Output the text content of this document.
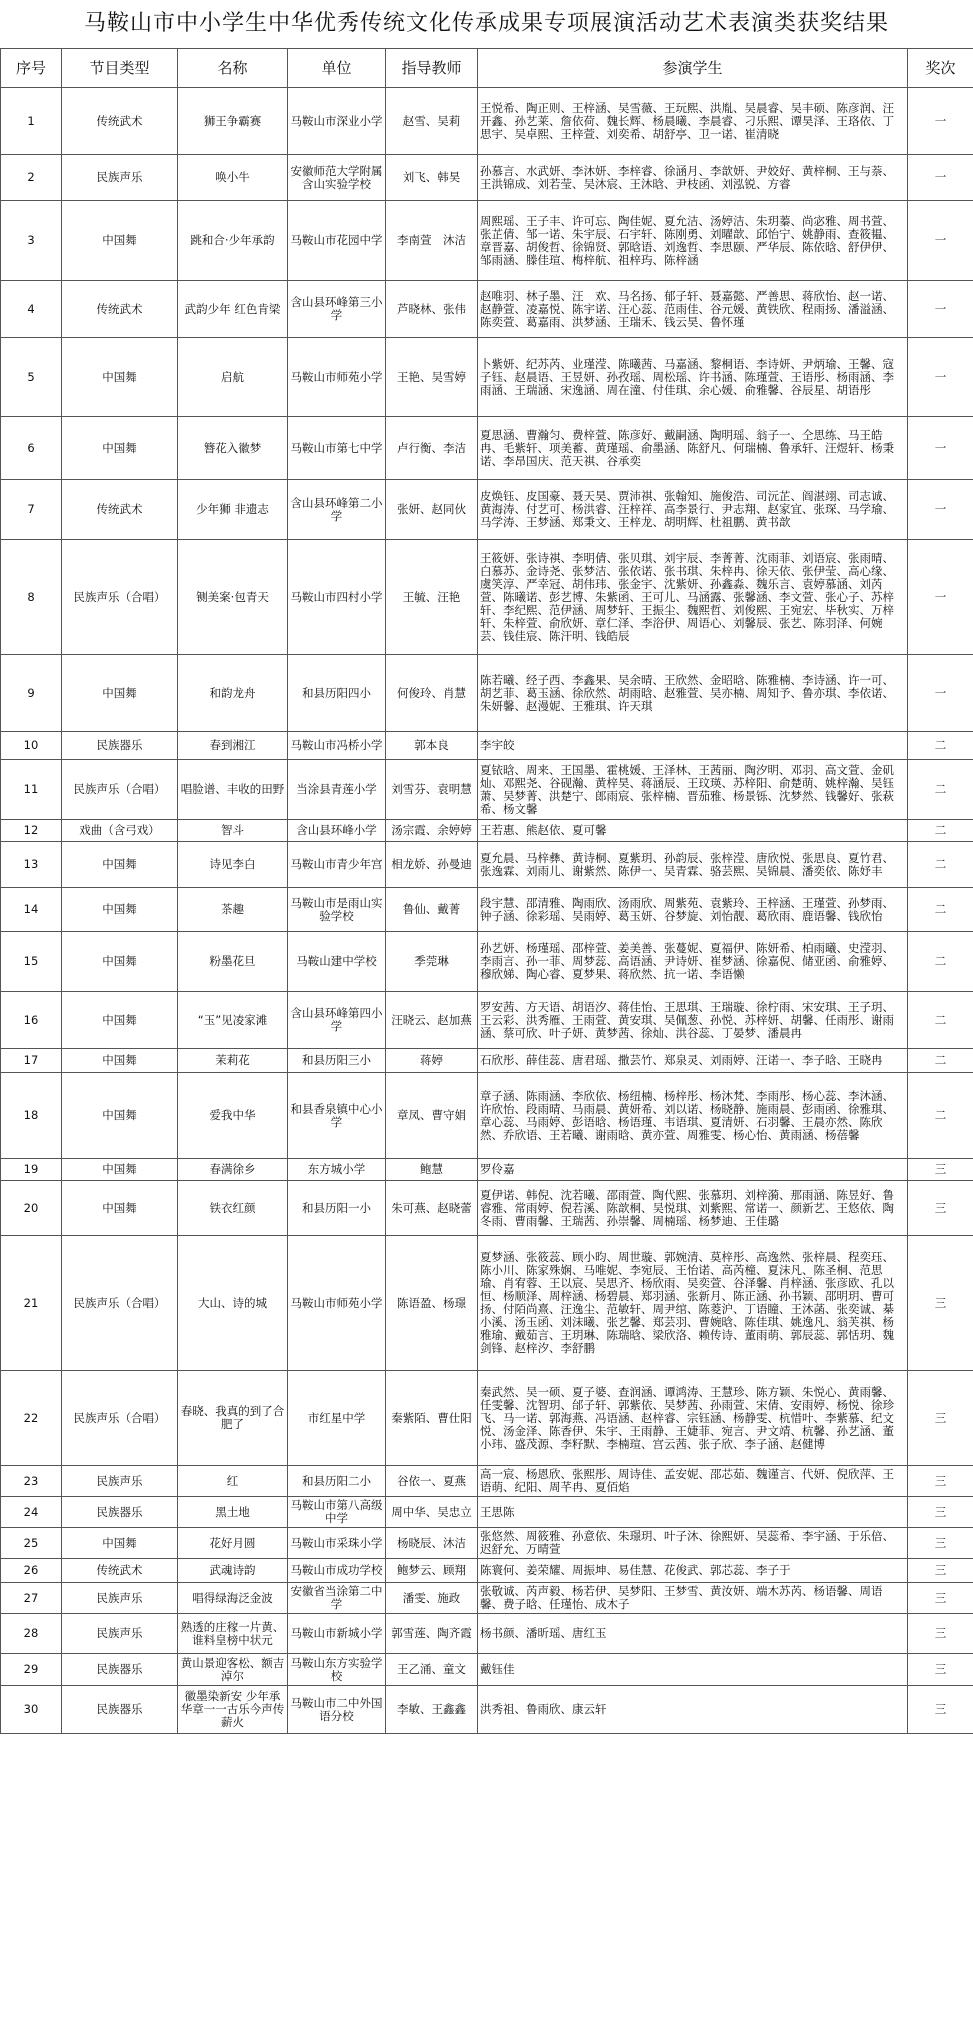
马鞍山市中小学生中华优秀传统文化传承成果专项展演活动艺术表演类获奖结果
序号	节目类型	名称	单位	指导教师	参演学生	奖次
1	传统武术	狮王争霸赛	马鞍山市深业小学	赵雪、吴莉	王悦希、陶正则、王梓涵、吴雪薇、王玩熙、洪胤、吴晨睿、吴丰硕、陈彦润、汪开鑫、孙艺莱、詹依荷、魏长辉、杨晨曦、李晨睿、刁乐熙、谭昊泽、王珞依、丁思宇、吴卓熙、王梓萱、刘奕希、胡舒亭、卫一诺、崔清晓	一
2	民族声乐	唤小牛	安徽师范大学附属含山实验学校	刘飞、韩昊	孙慕言、水武妍、李沐妍、李梓睿、徐涵月、李歆妍、尹姣好、黄梓桐、王与萘、王洪锦成、刘若莹、吴沐宸、王沐晗、尹枝函、刘泓锐、方睿	一
3	中国舞	跳和合·少年承韵	马鞍山市花园中学	李南萱　沐洁	周熙瑶、王子丰、许可忘、陶佳妮、夏允洁、汤婷洁、朱玥蓁、尚宓雅、周书萱、张芷倩、邹一诺、朱宇辰、石宇轩、陈刚勇、刘曜歆、邱怡宁、姚静雨、查筱韫、章晋嘉、胡俊哲、徐锦贤、郭晗语、刘逸哲、李思颐、严华辰、陈依晗、舒伊伊、邹雨涵、滕佳瑄、梅梓航、祖梓玙、陈梓涵	一
4	传统武术	武韵少年 红色肯梁	含山县环峰第三小学	芦晓林、张伟	赵唯羽、林子墨、汪　欢、马名扬、郁子轩、聂嘉懿、严善思、蒋欣怡、赵一诺、赵静萱、凌嘉悦、陈宇诺、汪心蕊、范雨佳、谷元媛、黄铁欣、程雨扬、潘溢涵、陈奕萱、葛嘉雨、洪梦涵、王瑞禾、钱云昊、鲁怀瑾	一
5	中国舞	启航	马鞍山市师苑小学	王艳、吴雪婷	卜紫妍、纪苏芮、业瑾滢、陈曦茜、马嘉涵、黎桐语、李诗妍、尹炳瑜、王馨、寇子钰、赵晨语、王昱妍、孙孜瑶、周松瑶、许书涵、陈瑾萱、王语彤、杨雨涵、李雨涵、王瑞涵、宋逸涵、周在潼、付佳琪、余心媛、俞雅馨、谷辰星、胡语彤	一
6	中国舞	簪花入徽梦	马鞍山市第七中学	卢行衡、李洁	夏思涵、曹瀚匀、费梓萱、陈彦好、戴嗣涵、陶明瑶、翁子一、仝思练、马王皓冉、毛紫轩、项美蓄、黄瑾瑶、俞墨涵、陈舒凡、何瑞楠、鲁承轩、汪煜轩、杨秉诺、李昂国庆、范天祺、谷承奕	一
7	传统武术	少年狮 非遗志	含山县环峰第二小学	张妍、赵同伙	皮焕钰、皮国豪、聂天昊、贾沛祺、张翰知、施俊浩、司沅芷、阎湛翊、司志诚、黄海涛、付艺可、杨洪睿、汪梓祥、高李景行、尹志翔、赵家宜、张琛、马学瑜、马学涛、王梦涵、郑秉文、王梓龙、胡明辉、杜祖鹏、黄书歆	一
8	民族声乐（合唱）	铡美案·包青天	马鞍山市四村小学	王毓、汪艳	王筱妍、张诗祺、李明倩、张贝琪、刘宇辰、李菁菁、沈雨菲、刘语宸、张雨晴、白慕苏、金诗尧、张梦洁、张依诺、张书琪、朱梓冉、徐天依、张伊莹、高心缘、虞笑淳、严幸冠、胡伟玮、张金宇、沈紫妍、孙鑫淼、魏乐言、袁婷慕涵、刘芮萱、陈曦诺、彭艺博、朱紫函、王可儿、马涵露、张馨涵、李文萱、张心子、苏梓轩、李纪熙、范伊涵、周梦轩、王振尘、魏熙哲、刘俊熙、王宛宏、毕秋实、万梓轩、朱梓萱、俞欣妍、章仁泽、李浴伊、周语心、刘馨辰、张艺、陈羽泽、何婉芸、钱佳宸、陈汗明、钱皓辰	一
9	中国舞	和韵龙舟	和县历阳四小	何俊玲、肖慧	陈若曦、经子西、李鑫果、吴余晴、王欣然、金昭晗、陈雅楠、李诗涵、许一可、胡艺菲、葛玉涵、徐欣然、胡雨晗、赵雅萱、吴亦楠、周知予、鲁亦琪、李依诺、朱妍馨、赵漫妮、王雅琪、许天琪	一
10	民族器乐	春到湘江	马鞍山市冯桥小学	郭本良	李宇皎	二
11	民族声乐（合唱）	唱脸谱、丰收的田野	当涂县青莲小学	刘雪芬、袁明慧	夏铱晗、周来、王国墨、霍桃媛、王泽林、王茜丽、陶汐明、邓羽、高文萱、金矶灿、邓熙尧、谷砚瀚、黄梓昊、蒋涵辰、王玟瑛、苏梓阳、俞楚萌、姚梓瀚、吴钰萧、吴梦菁、洪楚宁、郎雨宸、张梓楠、晋茄雅、杨景铄、沈梦然、钱馨好、张萩希、杨文馨	二
12	戏曲（含弓戏）	智斗	含山县环峰小学	汤宗霞、余婷婷	王若惠、熊赵依、夏可馨	二
13	中国舞	诗见李白	马鞍山市青少年宫	相龙娇、孙曼迪	夏允晨、马梓彝、黄诗桐、夏紫玥、孙韵辰、张梓滢、唐欣悦、张思良、夏竹君、张逸霖、刘雨儿、谢紫然、陈伊一、吴青霖、骆芸熙、吴锦晨、潘奕依、陈妤丰	二
14	中国舞	茶趣	马鞍山市是雨山实验学校	鲁仙、戴菁	段宇慧、邵清雅、陶雨欣、汤雨欣、周紫苑、袁紫玲、王梓涵、王瑾萱、孙梦雨、钟子涵、徐彩瑶、吴雨婷、葛玉妍、谷梦旋、刘怡靓、葛欣雨、鹿语馨、钱欣怡	二
15	中国舞	粉墨花旦	马鞍山建中学校	季莞琳	孙艺妍、杨瑾瑶、邵梓萱、姜美善、张蔓妮、夏福伊、陈妍希、柏雨曦、史滢羽、李雨言、孙一菲、周梦蕊、高语涵、尹诗妍、崔梦涵、徐嘉倪、储亚函、俞雅婷、穆欣娣、陶心睿、夏梦果、蒋欣然、抗一诺、李语懒	二
16	中国舞	“玉”见凌家滩	含山县环峰第四小学	汪晓云、赵加燕	罗安茜、方天语、胡语汐、蒋佳怡、王思琪、王瑞璇、徐柠雨、宋安琪、王子玥、王云彩、洪秀雁、王雨萱、黄安琪、吴佩葱、孙悦、苏梓妍、胡馨、任雨彤、谢雨涵、蔡可欣、叶子妍、黄梦茜、徐灿、洪谷蕊、丁晏梦、潘晨冉	二
17	中国舞	茉莉花	和县历阳三小	蒋婷	石欣彤、薛佳蕊、唐君瑶、撒芸竹、郑泉灵、刘雨婷、汪诺一、李子晗、王晓冉	二
18	中国舞	爱我中华	和县香泉镇中心小学	章凤、曹守娟	章子涵、陈雨涵、李欣依、杨纽楠、杨梓彤、杨沐梵、李雨彤、杨心蕊、李沐涵、许欣怡、段雨晴、马雨晨、黄妍希、刘以诺、杨晓静、施雨晨、彭雨函、徐雅琪、章心蕊、马雨婷、彭语晗、杨语瑾、韦语琪、夏清妍、石羽馨、王晨亦然、陈欣然、乔欣语、王若曦、谢雨晗、黄亦萱、周雅雯、杨心怡、黄雨涵、杨蓓馨	二
19	中国舞	春满徐乡	东方城小学	鲍慧	罗伶嘉	三
20	中国舞	铁衣红颜	和县历阳一小	朱可燕、赵晓蕾	夏伊诺、韩倪、沈若曦、邵雨萱、陶代熙、张慕玥、刘梓漪、那雨涵、陈昱好、鲁睿雅、常雨婷、倪若溪、陈歆桐、吴悦琪、刘紫熙、常诺一、颜新艺、王悠依、陶冬雨、曹雨馨、王瑞茜、孙崇馨、周楠瑶、杨梦迪、王佳璐	三
21	民族声乐（合唱）	大山、诗的城	马鞍山市师苑小学	陈语盈、杨璟	夏梦涵、张筱蕊、顾小昀、周世璇、郭婉清、莫梓彤、高逸然、张梓晨、程奕珏、陈小川、陈家殊娴、马唯妮、李宛辰、王怡诺、高芮橦、夏沫凡、陈圣桐、范思瑜、肖宥蓉、王以宸、吴思齐、杨欣雨、吴奕萱、谷泽馨、肖梓涵、张彦欧、孔以恒、杨顺泽、周梓涵、杨碧晨、郑羽涵、张新月、陈正涵、孙书颖、邵明玥、曹可扬、付陌尚熹、汪逸尘、范敏轩、周尹绾、陈菱沪、丁语瞳、王沐菡、张奕诚、棊小溪、汤玉函、刘沫曦、张艺馨、郑芸羽、曹婉晗、陈佳琪、姚逸凡、翁芙祺、杨雅瑜、戴茹言、王玥琳、陈瑞晗、梁欣洛、赖传诗、董雨萌、郭辰蕊、郭恬玥、魏剑锋、赵梓汐、李舒鹏	三
22	民族声乐（合唱）	春晓、我真的到了合肥了	市红星中学	秦紫陌、曹仕阳	秦武然、吴一硕、夏子婆、查润涵、谭鸿涛、王慧珍、陈方颖、朱悦心、黄雨馨、任雯馨、沈智玥、邰子轩、郭紫依、吴梦茜、孙雨萱、宋倩、安雨婷、杨悦、徐珍飞、马一诺、郭海燕、冯语涵、赵梓睿、宗钰涵、杨静雯、杭惜叶、李紫慕、纪文悦、汤金泽、陈香伊、朱宇、王雨静、王婕菲、宛言、尹文靖、杭馨、孙艺涵、董小玮、盛茂源、李籽默、李楠瑄、宫云茜、张子欣、李子涵、赵健博	三
23	民族声乐	红	和县历阳二小	谷依一、夏燕	高一宸、杨恩欣、张熙彤、周诗佳、孟安妮、邵芯茹、魏谨言、代妍、倪欣萍、王语萌、纪阳、周芊冉、夏佰焰	三
24	民族器乐	黑土地	马鞍山市第八高级中学	周中华、吴忠立	王思陈	三
25	中国舞	花好月圆	马鞍山市采珠小学	杨晓辰、沐洁	张悠然、周筱雅、孙意依、朱璟玥、叶子沐、徐熙妍、吴蕊希、李宇涵、于乐倍、迟舒允、万晴萱	三
26	传统武术	武魂诗韵	马鞍山市成功学校	鲍梦云、顾翔	陈寰何、姜荣耀、周振坤、易佳慧、花俊武、郭芯蕊、李子于	三
27	民族声乐	唱得绿海泛金波	安徽省当涂第二中学	潘雯、施政	张敬诚、芮声毅、杨若伊、吴梦阳、王梦雪、黄汝妍、端木苏芮、杨语馨、周语馨、费子晗、任瑾怡、成木子	三
28	民族声乐	熟透的庄稼一片黄、谁料皇榜中状元	马鞍山市新城小学	郭雪莲、陶齐霞	杨书颜、潘昕瑶、唐红玉	三
29	民族器乐	黄山景迎客松、额吉淖尔	马鞍山东方实验学校	王乙涌、童文	戴钰佳	三
30	民族器乐	徽墨染新安 少年承华章一一古乐今声传薪火	马鞍山市二中外国语分校	李敏、王鑫鑫	洪秀祖、鲁雨欣、康云轩	三
